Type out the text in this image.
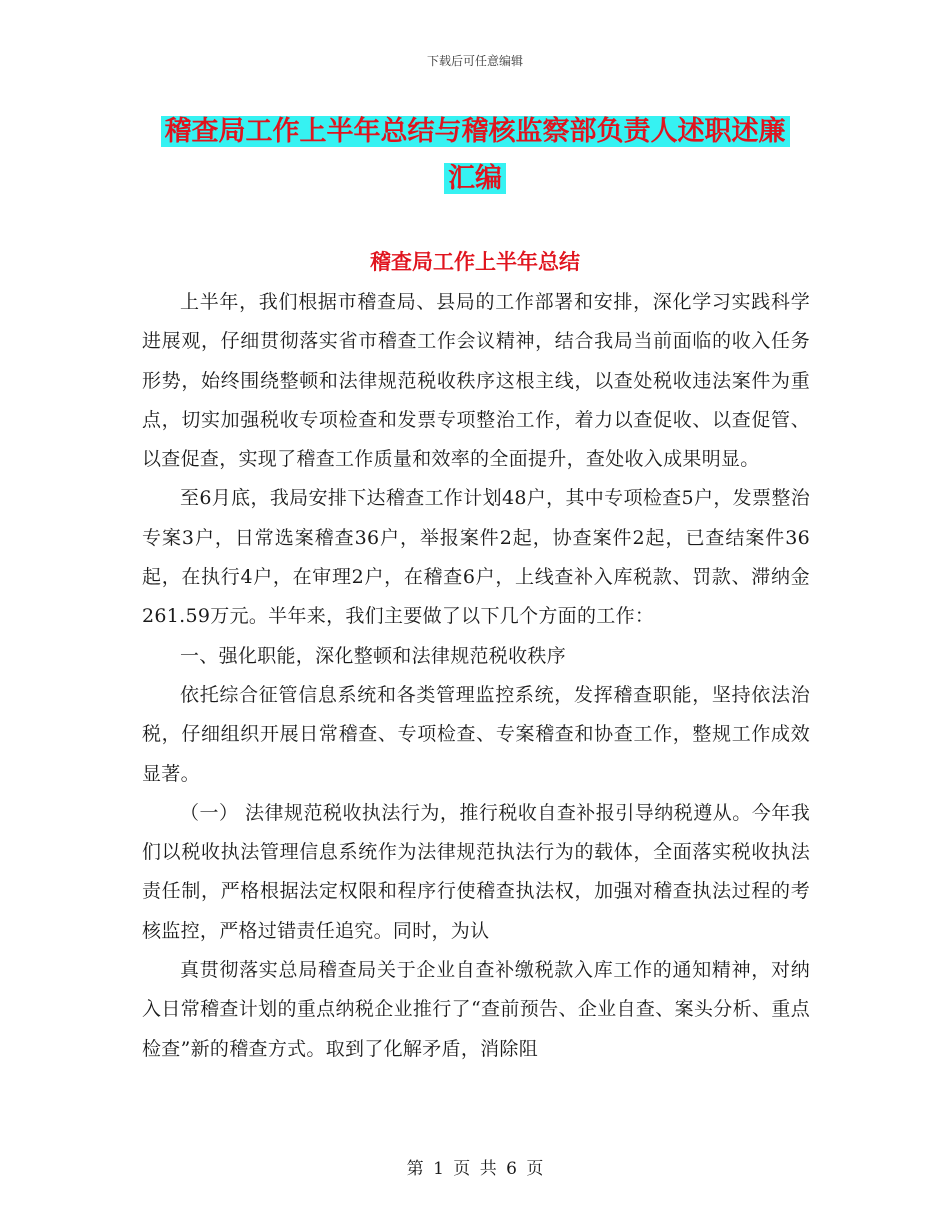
下载后可任意编辑
稽查局工作上半年总结与稽核监察部负责人述职述廉
汇编
稽查局工作上半年总结

上半年，我们根据市稽查局、县局的工作部署和安排，深化学习实践科学进展观，仔细贯彻落实省市稽查工作会议精神，结合我局当前面临的收入任务形势，始终围绕整顿和法律规范税收秩序这根主线，以查处税收违法案件为重点，切实加强税收专项检查和发票专项整治工作，着力以查促收、以查促管、以查促查，实现了稽查工作质量和效率的全面提升，查处收入成果明显。

至6月底，我局安排下达稽查工作计划48户，其中专项检查5户，发票整治专案3户，日常选案稽查36户，举报案件2起，协查案件2起，已查结案件36起，在执行4户，在审理2户，在稽查6户，上线查补入库税款、罚款、滞纳金261.59万元。半年来，我们主要做了以下几个方面的工作：

一、强化职能，深化整顿和法律规范税收秩序

依托综合征管信息系统和各类管理监控系统，发挥稽查职能，坚持依法治税，仔细组织开展日常稽查、专项检查、专案稽查和协查工作，整规工作成效显著。

（一） 法律规范税收执法行为，推行税收自查补报引导纳税遵从。今年我们以税收执法管理信息系统作为法律规范执法行为的载体，全面落实税收执法责任制，严格根据法定权限和程序行使稽查执法权，加强对稽查执法过程的考核监控，严格过错责任追究。同时，为认

真贯彻落实总局稽查局关于企业自查补缴税款入库工作的通知精神，对纳入日常稽查计划的重点纳税企业推行了“查前预告、企业自查、案头分析、重点检查”新的稽查方式。取到了化解矛盾，消除阻

第 1 页 共 6 页
